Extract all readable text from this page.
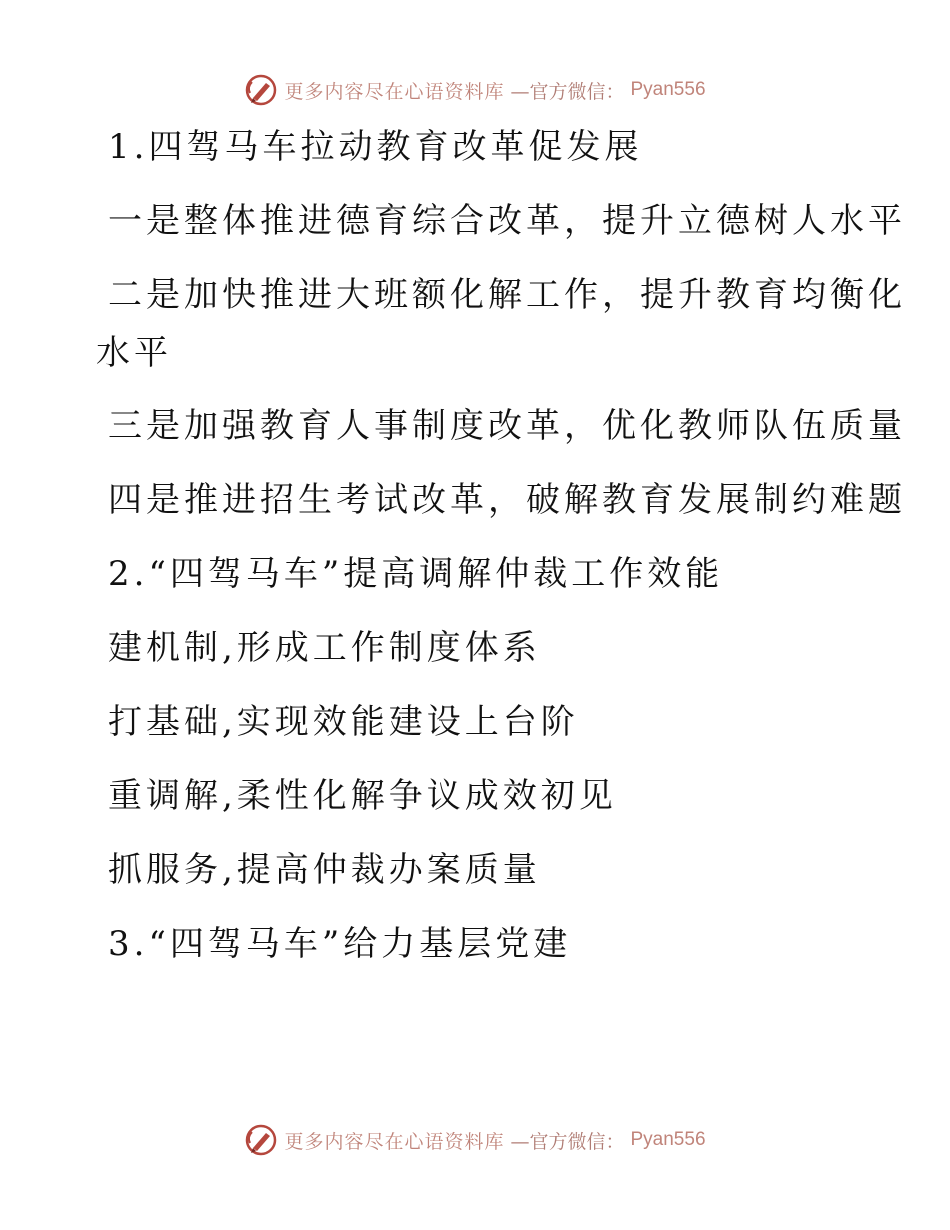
更多内容尽在心语资料库 —官方微信： Pyan556
1.四驾马车拉动教育改革促发展
一是整体推进德育综合改革，提升立德树人水平
二是加快推进大班额化解工作，提升教育均衡化
水平
三是加强教育人事制度改革，优化教师队伍质量
四是推进招生考试改革，破解教育发展制约难题
2.“四驾马车”提高调解仲裁工作效能
建机制,形成工作制度体系
打基础,实现效能建设上台阶
重调解,柔性化解争议成效初见
抓服务,提高仲裁办案质量
3.“四驾马车”给力基层党建
更多内容尽在心语资料库 —官方微信： Pyan556
